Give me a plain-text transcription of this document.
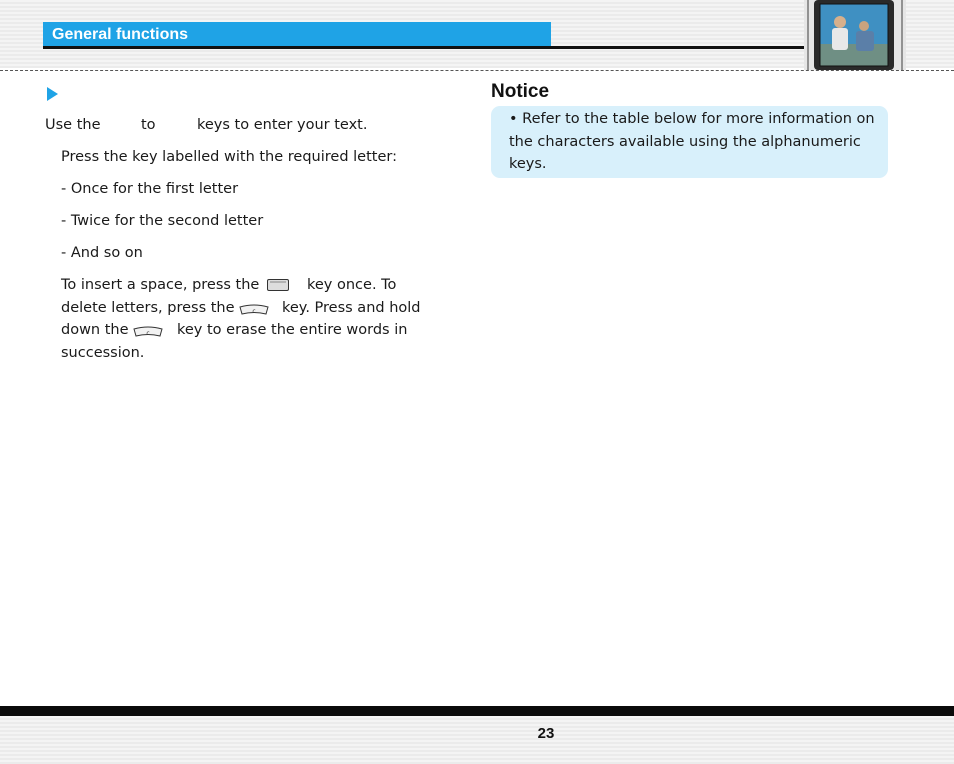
General functions
Use the	to	keys to enter your text.
Press the key labelled with the required letter:
- Once for the first letter
- Twice for the second letter
- And so on
To insert a space, press the	key once. To
delete letters, press the	c key. Press and hold
down the	c key to erase the entire words in
succession.
Notice
• Refer to the table below for more information on the characters available using the alphanumeric keys.
23
